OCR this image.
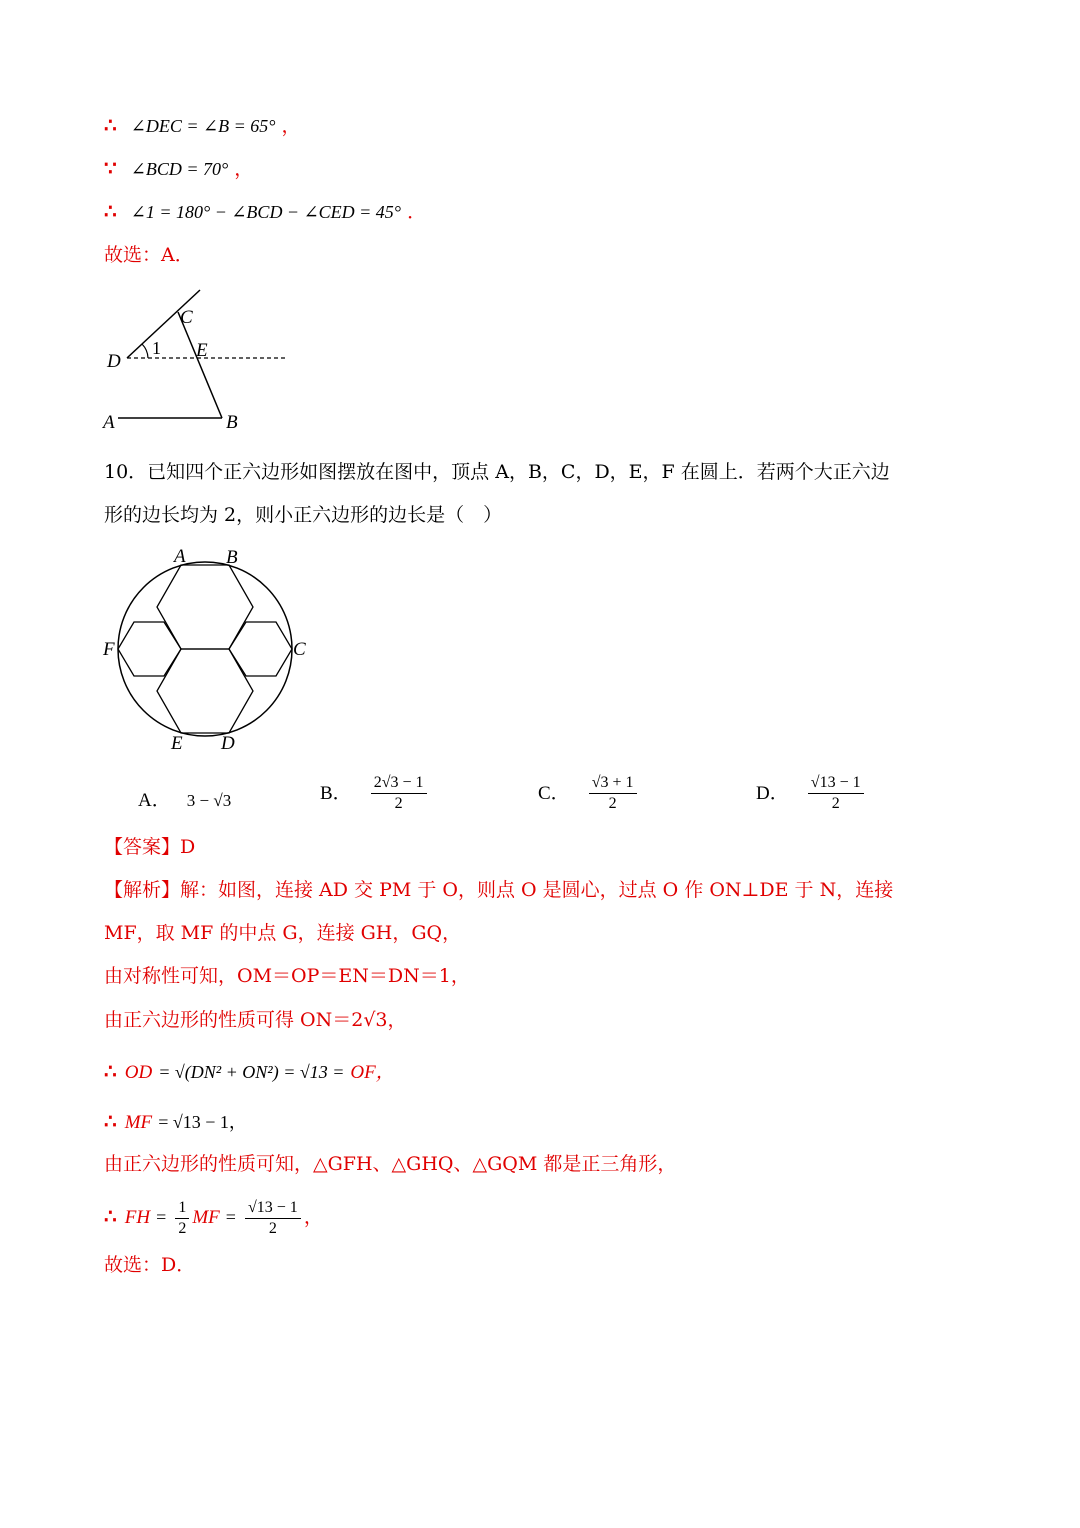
∴ ∠DEC = ∠B = 65° ，
∵ ∠BCD = 70° ，
∴ ∠1 = 180° − ∠BCD − ∠CED = 45° ．
故选：A．
C
1 E
D
A	B
10．已知四个正六边形如图摆放在图中，顶点 A，B，C，D，E，F 在圆上．若两个大正六边
形的边长均为 2，则小正六边形的边长是（　）
A B
F	C
E D
A． 3 − √3	B． $\frac{2√3 - 1}{2}$	C． $\frac{√3 + 1}{2}$	D． $\frac{√13 - 1}{2}$
【答案】D
【解析】解：如图，连接 AD 交 PM 于 O，则点 O 是圆心，过点 O 作 ON⊥DE 于 N，连接
MF，取 MF 的中点 G，连接 GH，GQ，
由对称性可知，OM＝OP＝EN＝DN＝1，
由正六边形的性质可得 ON＝2√3，
∴ OD = √(DN² + ON²) = √13 = OF，
∴ MF = √13 − 1，
由正六边形的性质可知，△GFH、△GHQ、△GQM 都是正三角形，
∴ FH = $\frac{1}{2}$ MF = $\frac{√13 - 1}{2}$ ，
故选：D．
